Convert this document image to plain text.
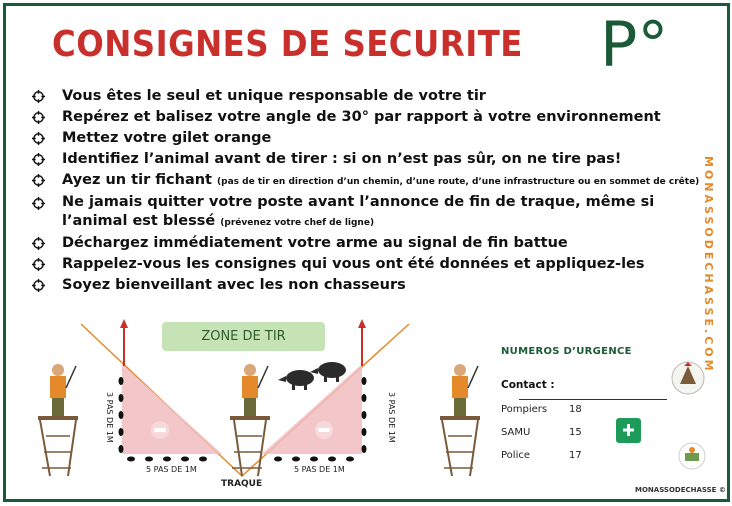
CONSIGNES DE SECURITE P°
Vous êtes le seul et unique responsable de votre tir
Repérez et balisez votre angle de 30° par rapport à votre environnement
Mettez votre gilet orange
Identifiez l’animal avant de tirer : si on n’est pas sûr, on ne tire pas!
Ayez un tir fichant (pas de tir en direction d’un chemin, d’une route, d’une infrastructure ou en sommet de crête)
Ne jamais quitter votre poste avant l’annonce de fin de traque, même si l’animal est blessé (prévenez votre chef de ligne)
Déchargez immédiatement votre arme au signal de fin battue
Rappelez-vous les consignes qui vous ont été données et appliquez-les
Soyez bienveillant avec les non chasseurs	MONASSODECHASSE.COM
ZONE DE TIR
TRAQUE
5 PAS DE 1M	5 PAS DE 1M
3 PAS DE 1M	3 PAS DE 1M
NUMEROS D’URGENCE
Contact :
Pompiers 18
SAMU	15
Police	17
MONASSODECHASSE ©
